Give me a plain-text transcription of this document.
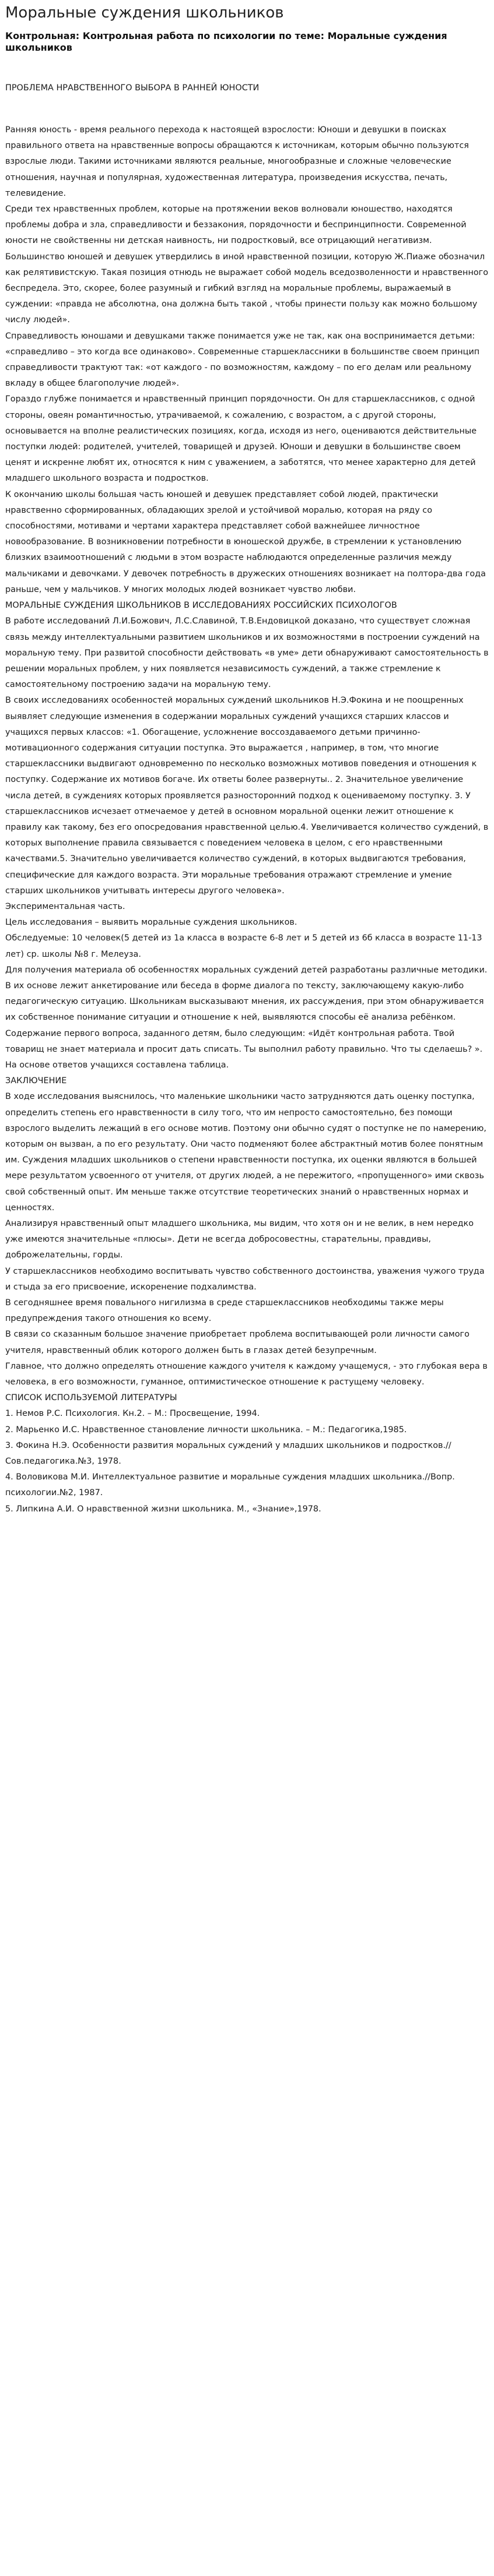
Моральные суждения школьников
Контрольная: Контрольная работа по психологии по теме: Моральные суждения школьников
ПРОБЛЕМА НРАВСТВЕННОГО ВЫБОРА В РАННЕЙ ЮНОСТИ

Ранняя юность - время реального перехода к настоящей взрослости: Юноши и девушки в поисках правильного ответа на нравственные вопросы обращаются к источникам, которым обычно пользуются взрослые люди. Такими источниками являются реальные, многообразные и сложные человеческие отношения, научная и популярная, художественная литература, произведения искусства, печать, телевидение.

Среди тех нравственных проблем, которые на протяжении веков волновали юношество, находятся проблемы добра и зла, справедливости и беззакония, порядочности и беспринципности. Современной юности не свойственны ни детская наивность, ни подростковый, все отрицающий негативизм.

Большинство юношей и девушек утвердились в иной нравственной позиции, которую Ж.Пиаже обозначил как релятивистскую. Такая позиция отнюдь не выражает собой модель вседозволенности и нравственного беспредела. Это, скорее, более разумный и гибкий взгляд на моральные проблемы, выражаемый в суждении: «правда не абсолютна, она должна быть такой , чтобы принести пользу как можно большому числу людей».

Справедливость юношами и девушками также понимается уже не так, как она воспринимается детьми: «справедливо – это когда все одинаково». Современные старшеклассники в большинстве своем принцип справедливости трактуют так: «от каждого - по возможностям, каждому – по его делам или реальному вкладу в общее благополучие людей».

Гораздо глубже понимается и нравственный принцип порядочности. Он для старшеклассников, с одной стороны, овеян романтичностью, утрачиваемой, к сожалению, с возрастом, а с другой стороны, основывается на вполне реалистических позициях, когда, исходя из него, оцениваются действительные поступки людей: родителей, учителей, товарищей и друзей. Юноши и девушки в большинстве своем ценят и искренне любят их, относятся к ним с уважением, а заботятся, что менее характерно для детей младшего школьного возраста и подростков.

К окончанию школы большая часть юношей и девушек представляет собой людей, практически нравственно сформированных, обладающих зрелой и устойчивой моралью, которая на ряду со способностями, мотивами и чертами характера представляет собой важнейшее личностное новообразование. В возникновении потребности в юношеской дружбе, в стремлении к установлению близких взаимоотношений с людьми в этом возрасте наблюдаются определенные различия между мальчиками и девочками. У девочек потребность в дружеских отношениях возникает на полтора-два года раньше, чем у мальчиков. У многих молодых людей возникает чувство любви.

МОРАЛЬНЫЕ СУЖДЕНИЯ ШКОЛЬНИКОВ В ИССЛЕДОВАНИЯХ РОССИЙСКИХ ПСИХОЛОГОВ

В работе исследований Л.И.Божович, Л.С.Славиной, Т.В.Ендовицкой доказано, что существует сложная связь между интеллектуальными развитием школьников и их возможностями в построении суждений на моральную тему. При развитой способности действовать «в уме» дети обнаруживают самостоятельность в решении моральных проблем, у них появляется независимость суждений, а также стремление к самостоятельному построению задачи на моральную тему.

В своих исследованиях особенностей моральных суждений школьников Н.Э.Фокина и не поощренных выявляет следующие изменения в содержании моральных суждений учащихся старших классов и учащихся первых классов: «1. Обогащение, усложнение воссоздаваемого детьми причинно-мотивационного содержания ситуации поступка. Это выражается , например, в том, что многие старшеклассники выдвигают одновременно по несколько возможных мотивов поведения и отношения к поступку. Содержание их мотивов богаче. Их ответы более развернуты.. 2. Значительное увеличение числа детей, в суждениях которых проявляется разносторонний подход к оцениваемому поступку. 3. У старшеклассников исчезает отмечаемое у детей в основном моральной оценки лежит отношение к правилу как такому, без его опосредования нравственной целью.4. Увеличивается количество суждений, в которых выполнение правила связывается с поведением человека в целом, с его нравственными качествами.5. Значительно увеличивается количество суждений, в которых выдвигаются требования, специфические для каждого возраста. Эти моральные требования отражают стремление и умение старших школьников учитывать интересы другого человека».

Экспериментальная часть.

Цель исследования – выявить моральные суждения школьников.

Обследуемые: 10 человек(5 детей из 1а класса в возрасте 6-8 лет и 5 детей из 6б класса в возрасте 11-13 лет) ср. школы №8 г. Мелеуза.

Для получения материала об особенностях моральных суждений детей разработаны различные методики. В их основе лежит анкетирование или беседа в форме диалога по тексту, заключающему какую-либо педагогическую ситуацию. Школьникам высказывают мнения, их рассуждения, при этом обнаруживается их собственное понимание ситуации и отношение к ней, выявляются способы её анализа ребёнком.

Содержание первого вопроса, заданного детям, было следующим: «Идёт контрольная работа. Твой товарищ не знает материала и просит дать списать. Ты выполнил работу правильно. Что ты сделаешь? ». На основе ответов учащихся составлена таблица.

ЗАКЛЮЧЕНИЕ

В ходе исследования выяснилось, что маленькие школьники часто затрудняются дать оценку поступка, определить степень его нравственности в силу того, что им непросто самостоятельно, без помощи взрослого выделить лежащий в его основе мотив. Поэтому они обычно судят о поступке не по намерению, которым он вызван, а по его результату. Они часто подменяют более абстрактный мотив более понятным им. Суждения младших школьников о степени нравственности поступка, их оценки являются в большей мере результатом усвоенного от учителя, от других людей, а не пережитого, «пропущенного» ими сквозь свой собственный опыт. Им меньше также отсутствие теоретических знаний о нравственных нормах и ценностях.

Анализируя нравственный опыт младшего школьника, мы видим, что хотя он и не велик, в нем нередко уже имеются значительные «плюсы». Дети не всегда добросовестны, старательны, правдивы, доброжелательны, горды.

У старшеклассников необходимо воспитывать чувство собственного достоинства, уважения чужого труда и стыда за его присвоение, искоренение подхалимства.

В сегодняшнее время повального нигилизма в среде старшеклассников необходимы также меры предупреждения такого отношения ко всему.

В связи со сказанным большое значение приобретает проблема воспитывающей роли личности самого учителя, нравственный облик которого должен быть в глазах детей безупречным.

Главное, что должно определять отношение каждого учителя к каждому учащемуся, - это глубокая вера в человека, в его возможности, гуманное, оптимистическое отношение к растущему человеку.

СПИСОК ИСПОЛЬЗУЕМОЙ ЛИТЕРАТУРЫ

1. Немов Р.С. Психология. Кн.2. – М.: Просвещение, 1994.

2. Марьенко И.С. Нравственное становление личности школьника. – М.: Педагогика,1985.

3. Фокина Н.Э. Особенности развития моральных суждений у младших школьников и подростков.//Сов.педагогика.№3, 1978.

4. Воловикова М.И. Интеллектуальное развитие и моральные суждения младших школьника.//Вопр. психологии.№2, 1987.

5. Липкина А.И. О нравственной жизни школьника. М., «Знание»,1978.
